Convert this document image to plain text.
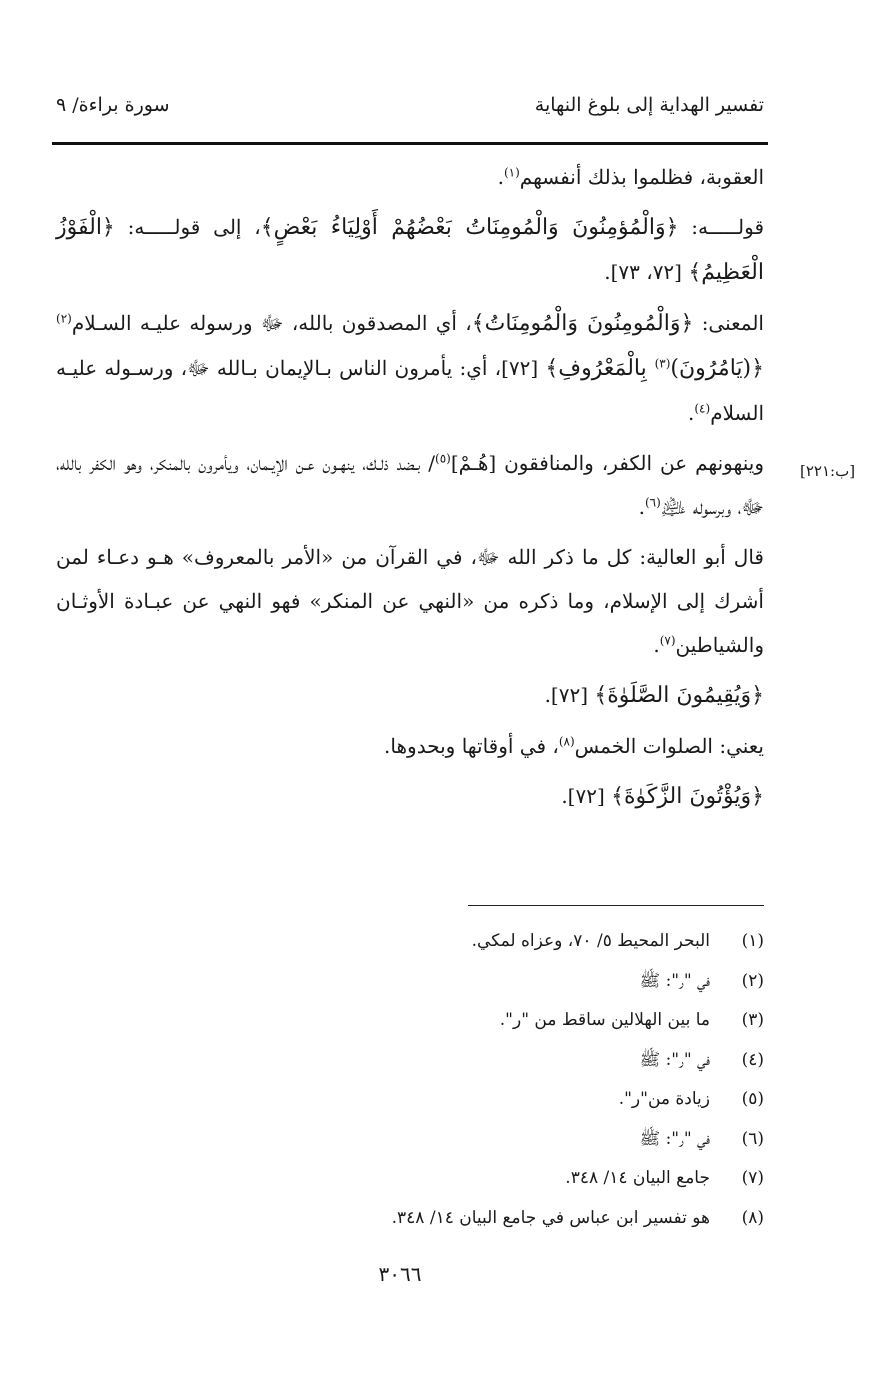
تفسير الهداية إلى بلوغ النهاية
سورة براءة/ ٩

العقوبة، فظلموا بذلك أنفسهم$^{(١)}$.

قولـــــه: ﴿وَالْمُؤمِنُونَ وَالْمُومِنَاتُ بَعْضُهُمْ أَوْلِيَاءُ بَعْضٍ﴾، إلى قولـــــه: ﴿الْفَوْزُ الْعَظِيمُ﴾ [٧٢، ٧٣].

المعنى: ﴿وَالْمُومِنُونَ وَالْمُومِنَاتُ﴾، أي المصدقون بالله، ﷻ ورسوله عليـه السـلام$^{(٢)}$ ﴿(يَامُرُونَ)$^{(٣)}$ بِالْمَعْرُوفِ﴾ [٧٢]، أي: يأمرون الناس بـالإيمان بـالله ﷻ، ورسـوله عليـه السلام$^{(٤)}$.

وينهونهم عن الكفر، والمنافقون [هُـمْ]$^{(٥)}$/ بـضد ذلـك، ينهـون عـن الإيـمان، ويأمرون بالمنكر، وهو الكفر بالله، ﷻ، وبرسوله ﵇$^{(٦)}$.

قال أبو العالية: كل ما ذكر الله ﷻ، في القرآن من «الأمر بالمعروف» هـو دعـاء لمن أشرك إلى الإسلام، وما ذكره من «النهي عن المنكر» فهو النهي عن عبـادة الأوثـان والشياطين$^{(٧)}$.

﴿وَيُقِيمُونَ الصَّلَوٰةَ﴾ [٧٢].

يعني: الصلوات الخمس$^{(٨)}$، في أوقاتها وبحدوها.

﴿وَيُؤْتُونَ الزَّكَوٰةَ﴾ [٧٢].

[ب:٢٢١]
(١)
البحر المحيط ٥/ ٧٠، وعزاه لمكي.
(٢)
في "ر": ﷺ
(٣)
ما بين الهلالين ساقط من "ر".
(٤)
في "ر": ﷺ
(٥)
زيادة من"ر".
(٦)
في "ر": ﷺ
(٧)
جامع البيان ١٤/ ٣٤٨.
(٨)
هو تفسير ابن عباس في جامع البيان ١٤/ ٣٤٨.
٣٠٦٦
